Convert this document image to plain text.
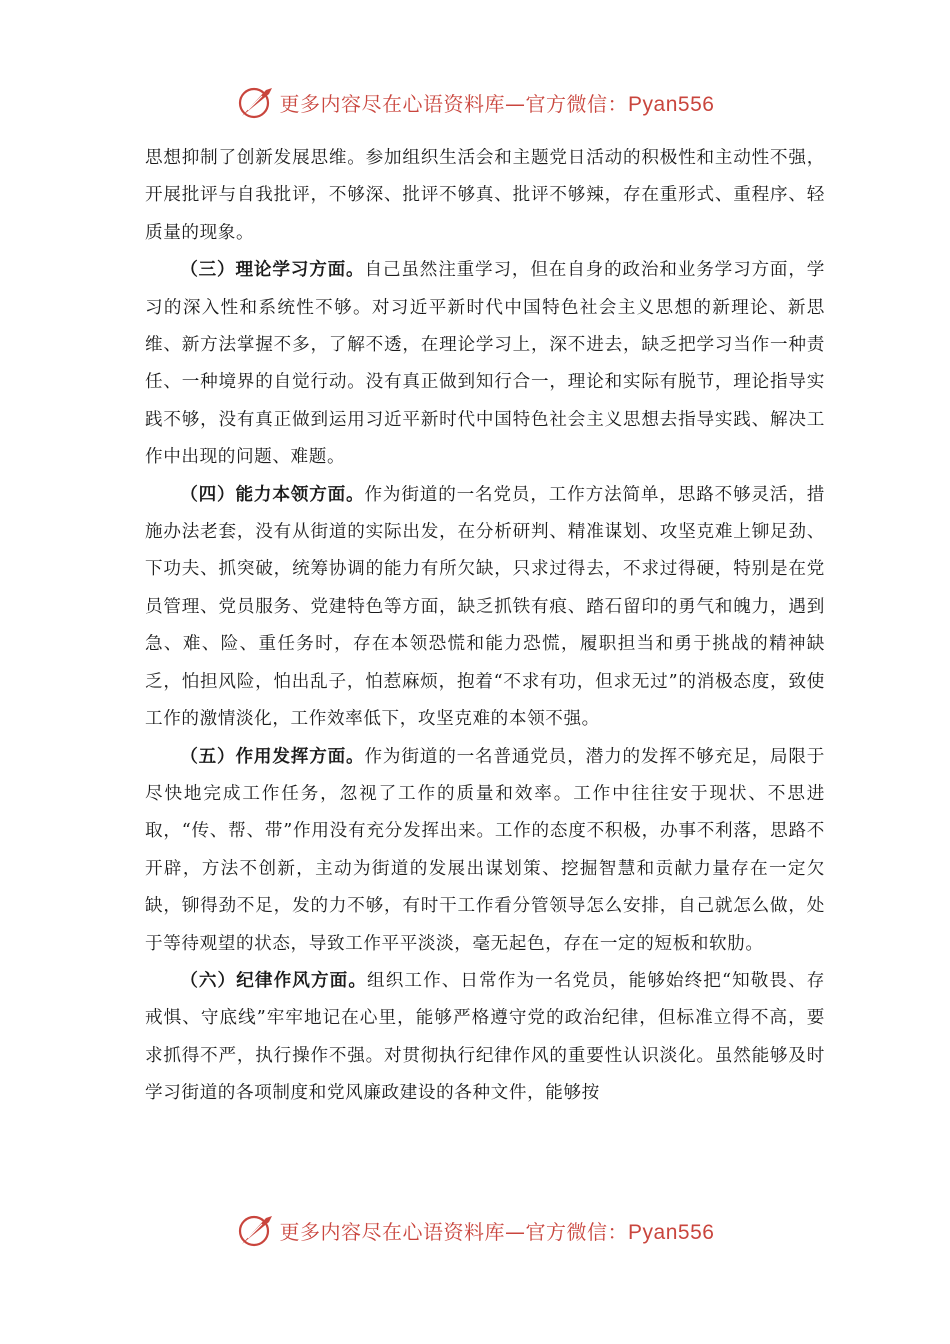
更多内容尽在心语资料库—官方微信：Pyan556

思想抑制了创新发展思维。参加组织生活会和主题党日活动的积极性和主动性不强，开展批评与自我批评，不够深、批评不够真、批评不够辣，存在重形式、重程序、轻质量的现象。

（三）理论学习方面。自己虽然注重学习，但在自身的政治和业务学习方面，学习的深入性和系统性不够。对习近平新时代中国特色社会主义思想的新理论、新思维、新方法掌握不多，了解不透，在理论学习上，深不进去，缺乏把学习当作一种责任、一种境界的自觉行动。没有真正做到知行合一，理论和实际有脱节，理论指导实践不够，没有真正做到运用习近平新时代中国特色社会主义思想去指导实践、解决工作中出现的问题、难题。

（四）能力本领方面。作为街道的一名党员，工作方法简单，思路不够灵活，措施办法老套，没有从街道的实际出发，在分析研判、精准谋划、攻坚克难上铆足劲、下功夫、抓突破，统筹协调的能力有所欠缺，只求过得去，不求过得硬，特别是在党员管理、党员服务、党建特色等方面，缺乏抓铁有痕、踏石留印的勇气和魄力，遇到急、难、险、重任务时，存在本领恐慌和能力恐慌，履职担当和勇于挑战的精神缺乏，怕担风险，怕出乱子，怕惹麻烦，抱着“不求有功，但求无过”的消极态度，致使工作的激情淡化，工作效率低下，攻坚克难的本领不强。

（五）作用发挥方面。作为街道的一名普通党员，潜力的发挥不够充足，局限于尽快地完成工作任务，忽视了工作的质量和效率。工作中往往安于现状、不思进取，“传、帮、带”作用没有充分发挥出来。工作的态度不积极，办事不利落，思路不开辟，方法不创新，主动为街道的发展出谋划策、挖掘智慧和贡献力量存在一定欠缺，铆得劲不足，发的力不够，有时干工作看分管领导怎么安排，自己就怎么做，处于等待观望的状态，导致工作平平淡淡，毫无起色，存在一定的短板和软肋。

（六）纪律作风方面。组织工作、日常作为一名党员，能够始终把“知敬畏、存戒惧、守底线”牢牢地记在心里，能够严格遵守党的政治纪律，但标准立得不高，要求抓得不严，执行操作不强。对贯彻执行纪律作风的重要性认识淡化。虽然能够及时学习街道的各项制度和党风廉政建设的各种文件，能够按

更多内容尽在心语资料库—官方微信：Pyan556
